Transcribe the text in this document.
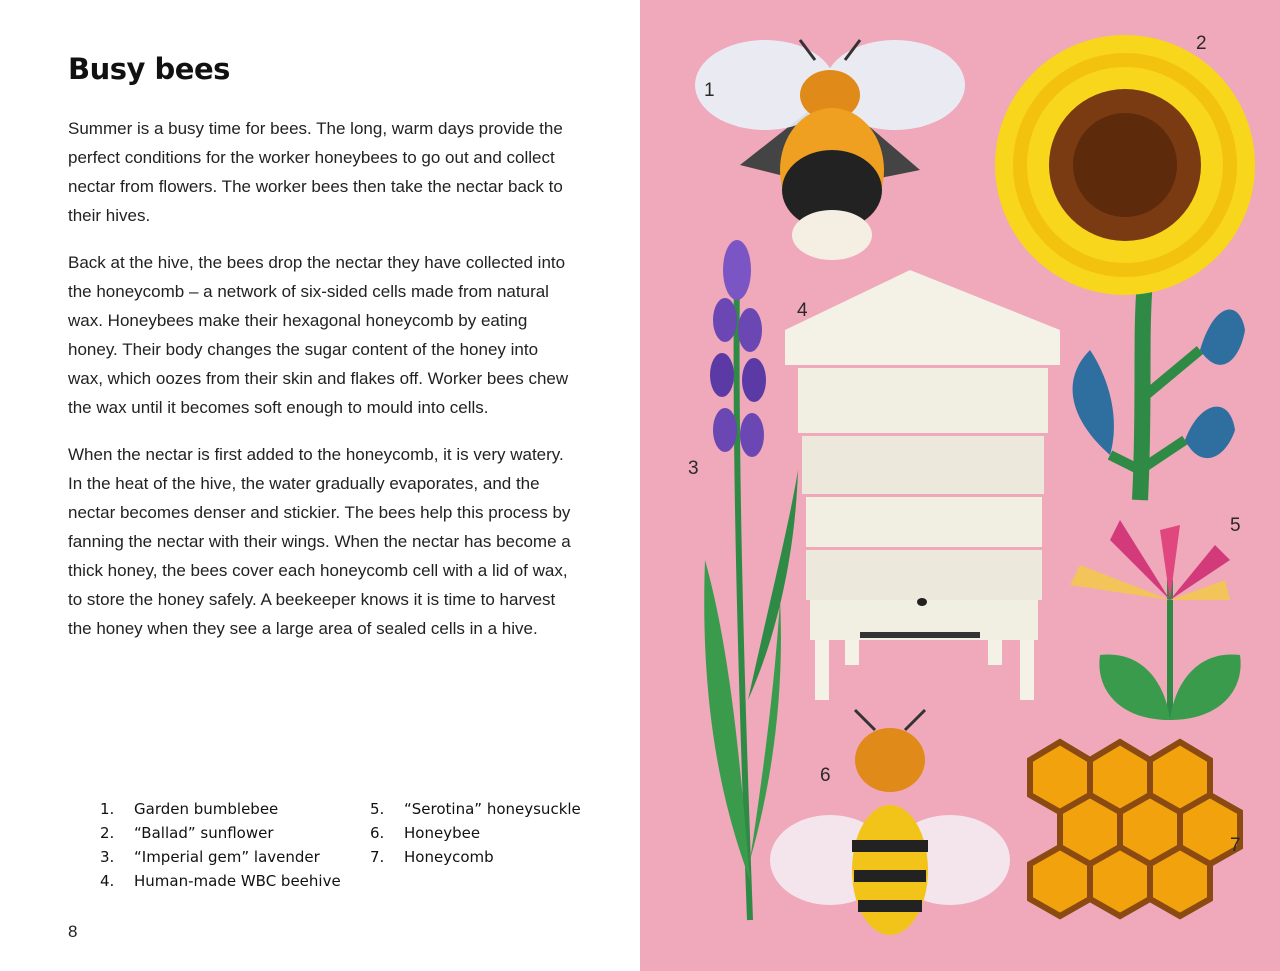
Busy bees

Summer is a busy time for bees. The long, warm days provide the perfect conditions for the worker honeybees to go out and collect nectar from flowers. The worker bees then take the nectar back to their hives.

Back at the hive, the bees drop the nectar they have collected into the honeycomb – a network of six-sided cells made from natural wax. Honeybees make their hexagonal honeycomb by eating honey. Their body changes the sugar content of the honey into wax, which oozes from their skin and flakes off. Worker bees chew the wax until it becomes soft enough to mould into cells.

When the nectar is first added to the honeycomb, it is very watery. In the heat of the hive, the water gradually evaporates, and the nectar becomes denser and stickier. The bees help this process by fanning the nectar with their wings. When the nectar has become a thick honey, the bees cover each honeycomb cell with a lid of wax, to store the honey safely. A beekeeper knows it is time to harvest the honey when they see a large area of sealed cells in a hive.

1. Garden bumblebee
2. “Ballad” sunflower
3. “Imperial gem” lavender
4. Human-made WBC beehive
5. “Serotina” honeysuckle
6. Honeybee
7. Honeycomb
8
1
2
3
4
5
6
7
